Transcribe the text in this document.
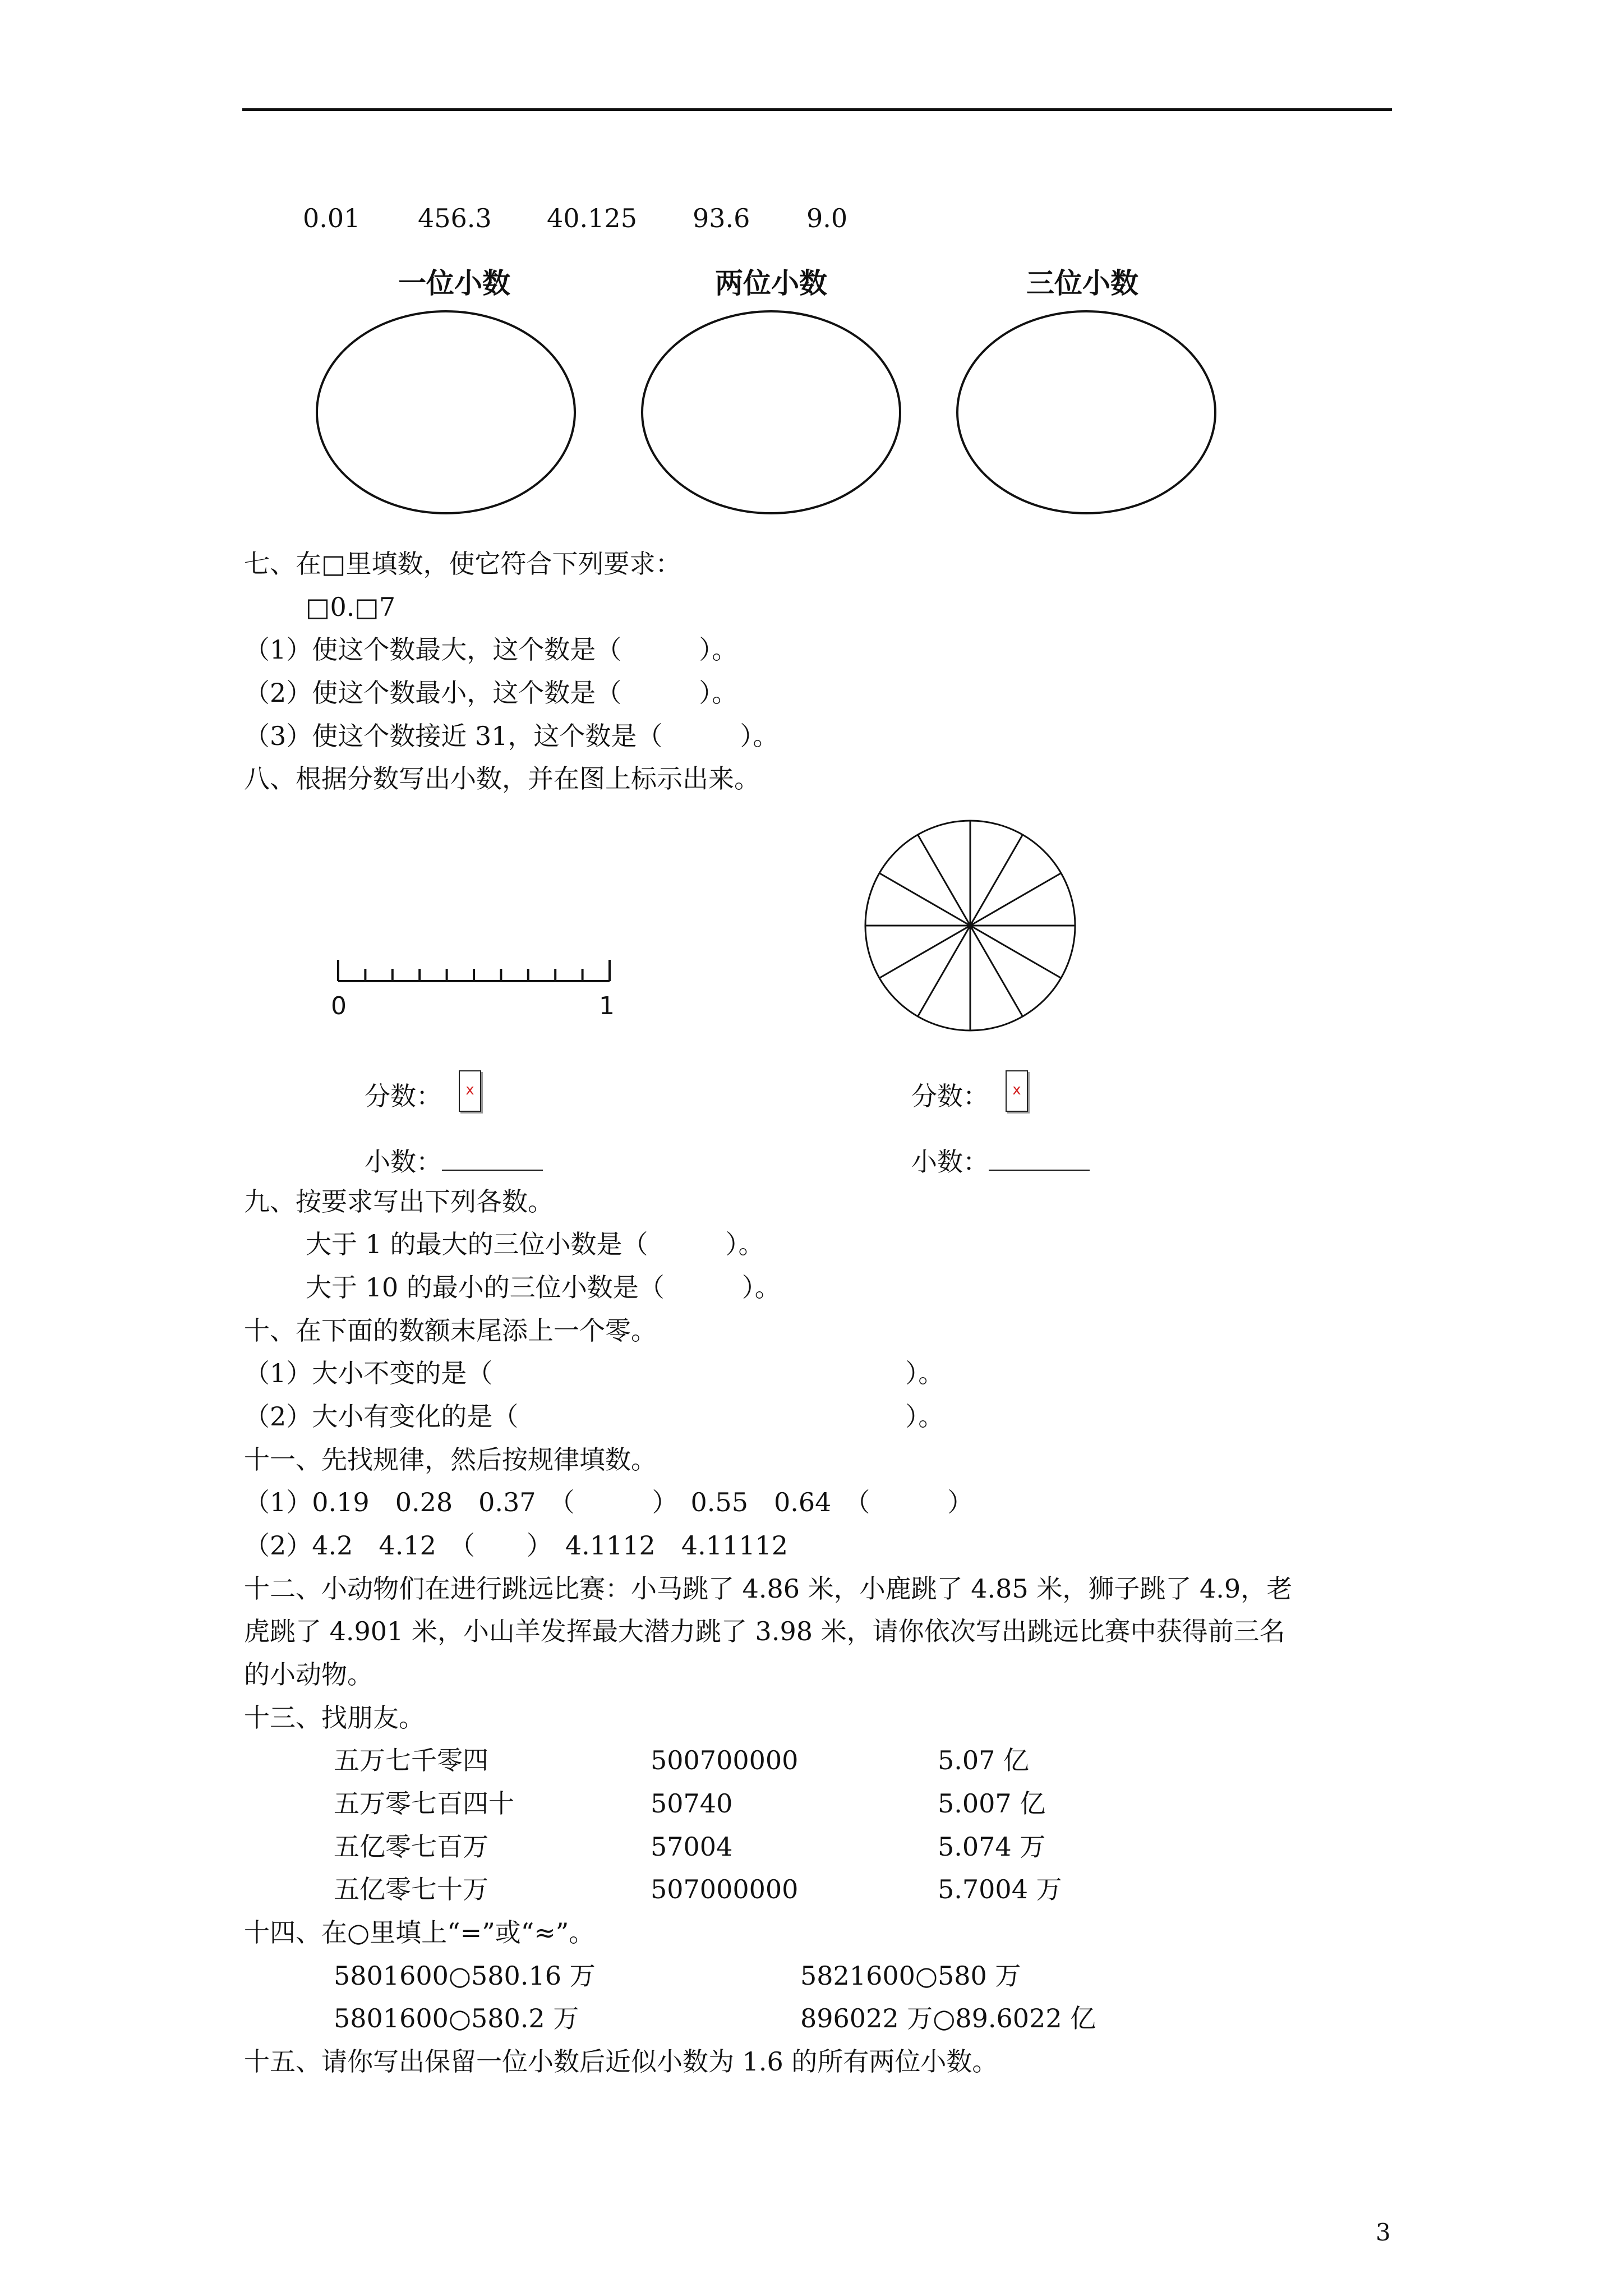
0.01 456.3 40.125 93.6 9.0
一位小数	两位小数	三位小数
七、在□里填数，使它符合下列要求：
□0.□7
（1）使这个数最大，这个数是（　　　）。
（2）使这个数最小，这个数是（　　　）。
（3）使这个数接近 31，这个数是（　　　）。
八、根据分数写出小数，并在图上标示出来。
0	1
分数：	x
小数：
分数：	x
小数：
九、按要求写出下列各数。
大于 1 的最大的三位小数是（　　　）。
大于 10 的最小的三位小数是（　　　）。
十、在下面的数额末尾添上一个零。
（1）大小不变的是（　　　　　　　　　　　　　　　　）。
（2）大小有变化的是（　　　　　　　　　　　　　　　）。
十一、先找规律，然后按规律填数。
（1）0.19　0.28　0.37　（　　　）　0.55　0.64　（　　　）
（2）4.2　4.12　（　　）　4.1112　4.11112
十二、小动物们在进行跳远比赛：小马跳了 4.86 米，小鹿跳了 4.85 米，狮子跳了 4.9，老
虎跳了 4.901 米，小山羊发挥最大潜力跳了 3.98 米，请你依次写出跳远比赛中获得前三名
的小动物。
十三、找朋友。
五万七千零四	500700000	5.07 亿
五万零七百四十	50740	5.007 亿
五亿零七百万	57004	5.074 万
五亿零七十万	507000000	5.7004 万
十四、在○里填上“=”或“≈”。
5801600○580.16 万	5821600○580 万
5801600○580.2 万	896022 万○89.6022 亿
十五、请你写出保留一位小数后近似小数为 1.6 的所有两位小数。
3
